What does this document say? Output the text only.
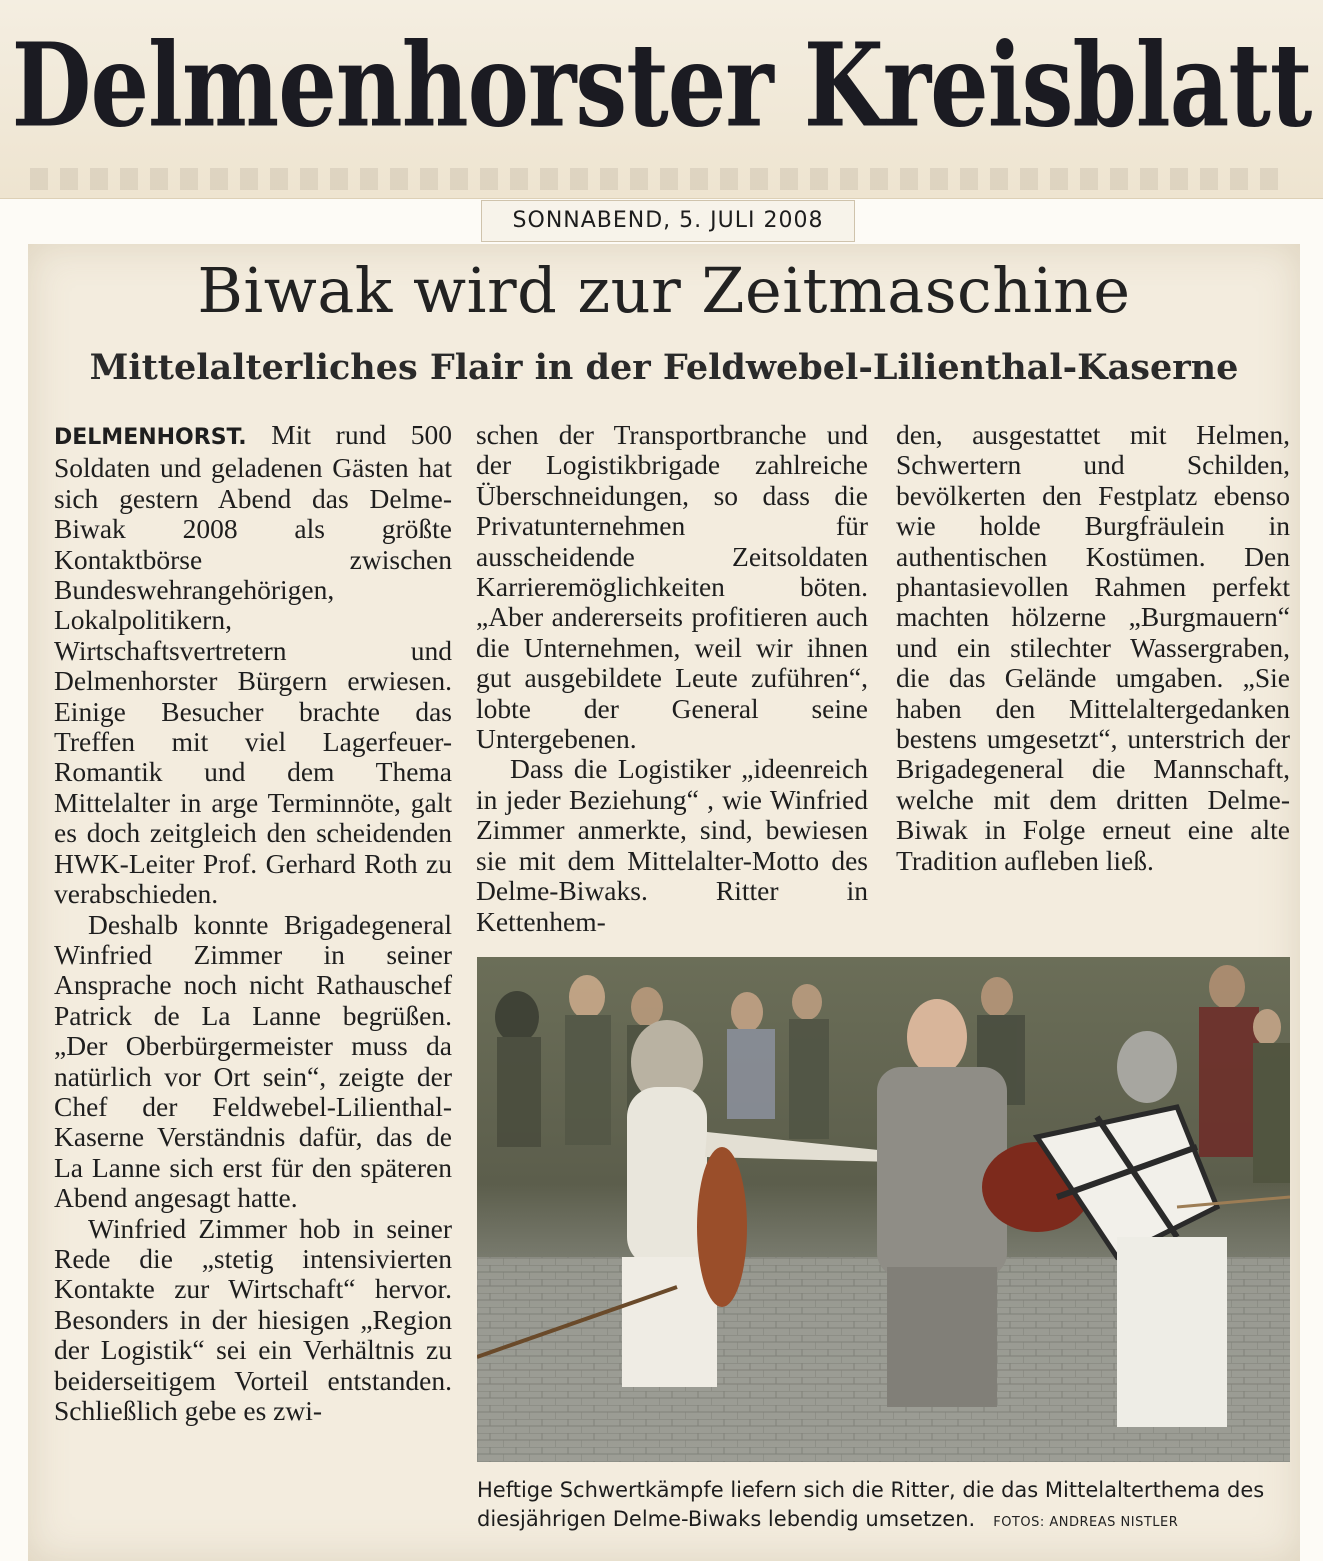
Delmenhorster Kreisblatt
SONNABEND, 5. JULI 2008
Biwak wird zur Zeitmaschine
Mittelalterliches Flair in der Feldwebel-Lilienthal-Kaserne

DELMENHORST. Mit rund 500 Soldaten und geladenen Gästen hat sich gestern Abend das Delme-Biwak 2008 als größte Kontaktbörse zwischen Bundeswehrangehörigen, Lokalpolitikern, Wirtschaftsvertretern und Delmenhorster Bürgern erwiesen. Einige Besucher brachte das Treffen mit viel Lagerfeuer-Romantik und dem Thema Mittelalter in arge Terminnöte, galt es doch zeitgleich den scheidenden HWK-Leiter Prof. Gerhard Roth zu verabschieden.

Deshalb konnte Brigadegeneral Winfried Zimmer in seiner Ansprache noch nicht Rathauschef Patrick de La Lanne begrüßen. „Der Oberbürgermeister muss da natürlich vor Ort sein“, zeigte der Chef der Feldwebel-Lilienthal-Kaserne Verständnis dafür, das de La Lanne sich erst für den späteren Abend angesagt hatte.

Winfried Zimmer hob in seiner Rede die „stetig intensivierten Kontakte zur Wirtschaft“ hervor. Besonders in der hiesigen „Region der Logistik“ sei ein Verhältnis zu beiderseitigem Vorteil entstanden. Schließlich gebe es zwi-

schen der Transportbranche und der Logistikbrigade zahlreiche Überschneidungen, so dass die Privatunternehmen für ausscheidende Zeitsoldaten Karrieremöglichkeiten böten. „Aber andererseits profitieren auch die Unternehmen, weil wir ihnen gut ausgebildete Leute zuführen“, lobte der General seine Untergebenen.

Dass die Logistiker „ideenreich in jeder Beziehung“ , wie Winfried Zimmer anmerkte, sind, bewiesen sie mit dem Mittelalter-Motto des Delme-Biwaks. Ritter in Kettenhem-

den, ausgestattet mit Helmen, Schwertern und Schilden, bevölkerten den Festplatz ebenso wie holde Burgfräulein in authentischen Kostümen. Den phantasievollen Rahmen perfekt machten hölzerne „Burgmauern“ und ein stilechter Wassergraben, die das Gelände umgaben. „Sie haben den Mittelaltergedanken bestens umgesetzt“, unterstrich der Brigadegeneral die Mannschaft, welche mit dem dritten Delme-Biwak in Folge erneut eine alte Tradition aufleben ließ.

Heftige Schwertkämpfe liefern sich die Ritter, die das Mittelalterthema des diesjährigen Delme-Biwaks lebendig umsetzen. FOTOS: ANDREAS NISTLER
